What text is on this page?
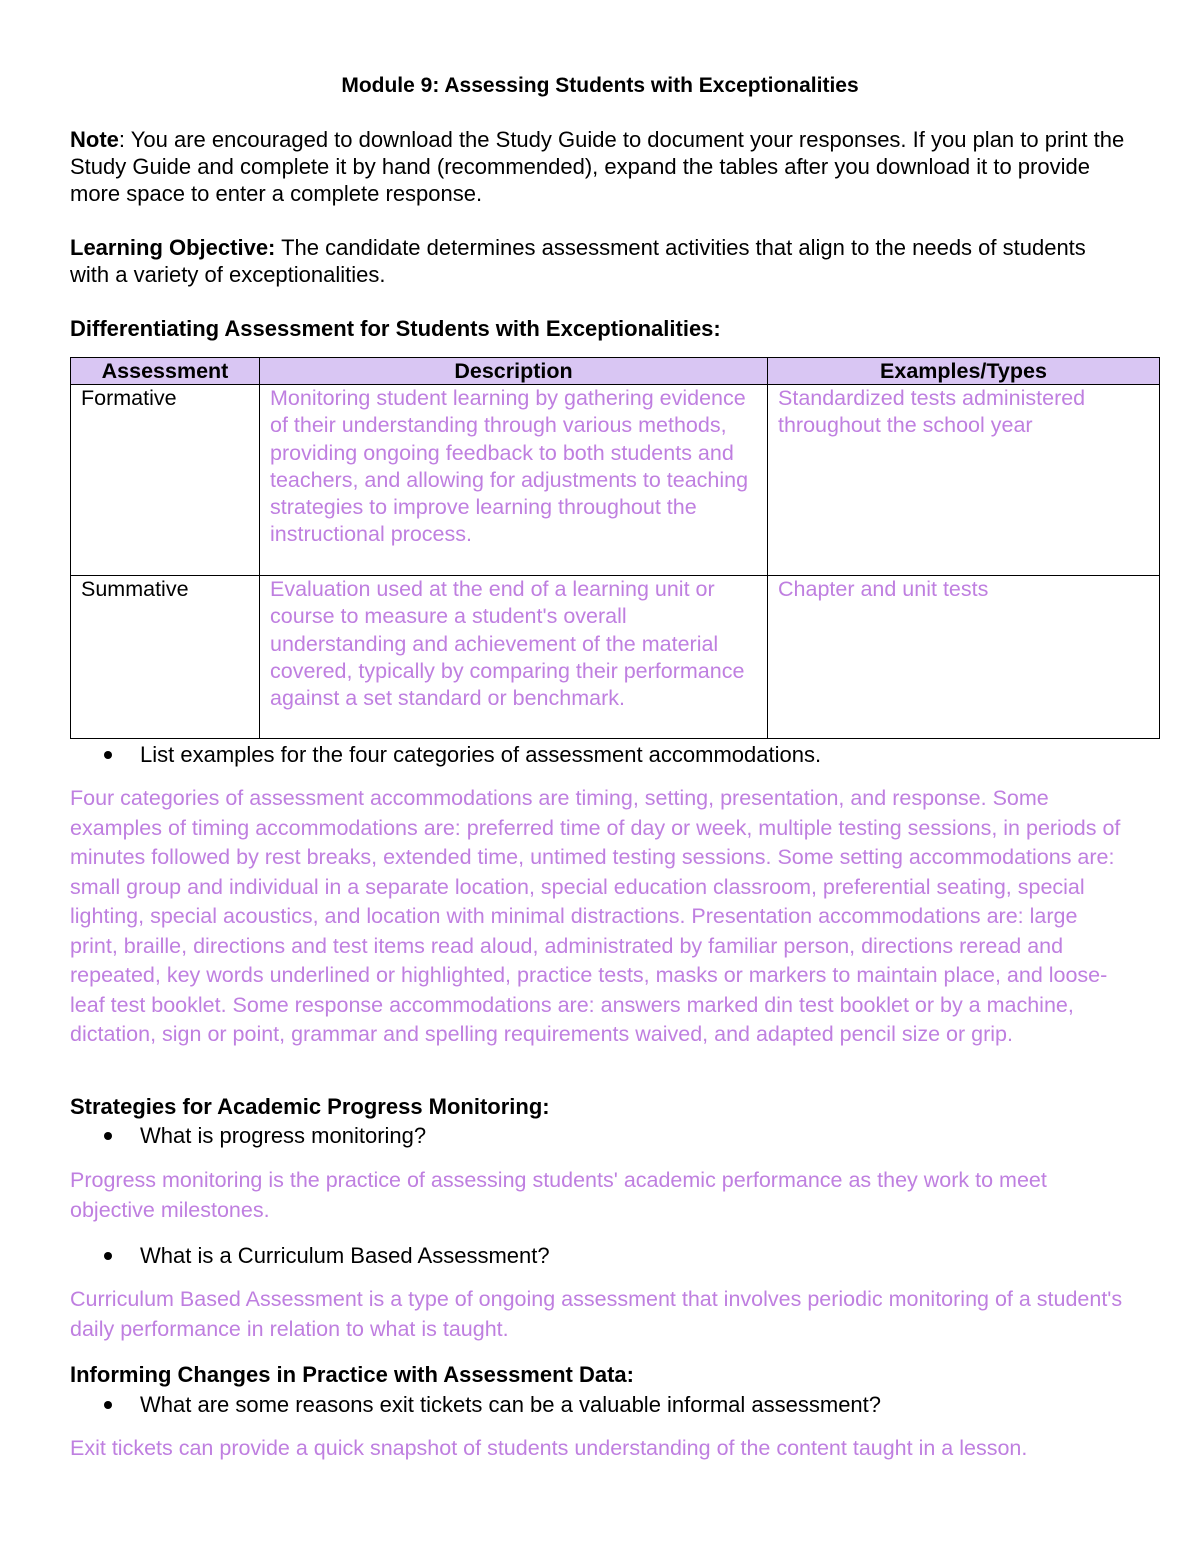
Module 9: Assessing Students with Exceptionalities
Note: You are encouraged to download the Study Guide to document your responses. If you plan to print the Study Guide and complete it by hand (recommended), expand the tables after you download it to provide more space to enter a complete response.
Learning Objective: The candidate determines assessment activities that align to the needs of students with a variety of exceptionalities.
Differentiating Assessment for Students with Exceptionalities:
Assessment	Description	Examples/Types
Formative	Monitoring student learning by gathering evidence of their understanding through various methods, providing ongoing feedback to both students and teachers, and allowing for adjustments to teaching strategies to improve learning throughout the instructional process.	Standardized tests administered throughout the school year
Summative	Evaluation used at the end of a learning unit or course to measure a student's overall understanding and achievement of the material covered, typically by comparing their performance against a set standard or benchmark.	Chapter and unit tests
List examples for the four categories of assessment accommodations.
Four categories of assessment accommodations are timing, setting, presentation, and response. Some examples of timing accommodations are: preferred time of day or week, multiple testing sessions, in periods of minutes followed by rest breaks, extended time, untimed testing sessions. Some setting accommodations are: small group and individual in a separate location, special education classroom, preferential seating, special lighting, special acoustics, and location with minimal distractions. Presentation accommodations are: large print, braille, directions and test items read aloud, administrated by familiar person, directions reread and repeated, key words underlined or highlighted, practice tests, masks or markers to maintain place, and loose-leaf test booklet. Some response accommodations are: answers marked din test booklet or by a machine, dictation, sign or point, grammar and spelling requirements waived, and adapted pencil size or grip.
Strategies for Academic Progress Monitoring:
What is progress monitoring?
Progress monitoring is the practice of assessing students' academic performance as they work to meet objective milestones.
What is a Curriculum Based Assessment?
Curriculum Based Assessment is a type of ongoing assessment that involves periodic monitoring of a student's daily performance in relation to what is taught.
Informing Changes in Practice with Assessment Data:
What are some reasons exit tickets can be a valuable informal assessment?
Exit tickets can provide a quick snapshot of students understanding of the content taught in a lesson.
